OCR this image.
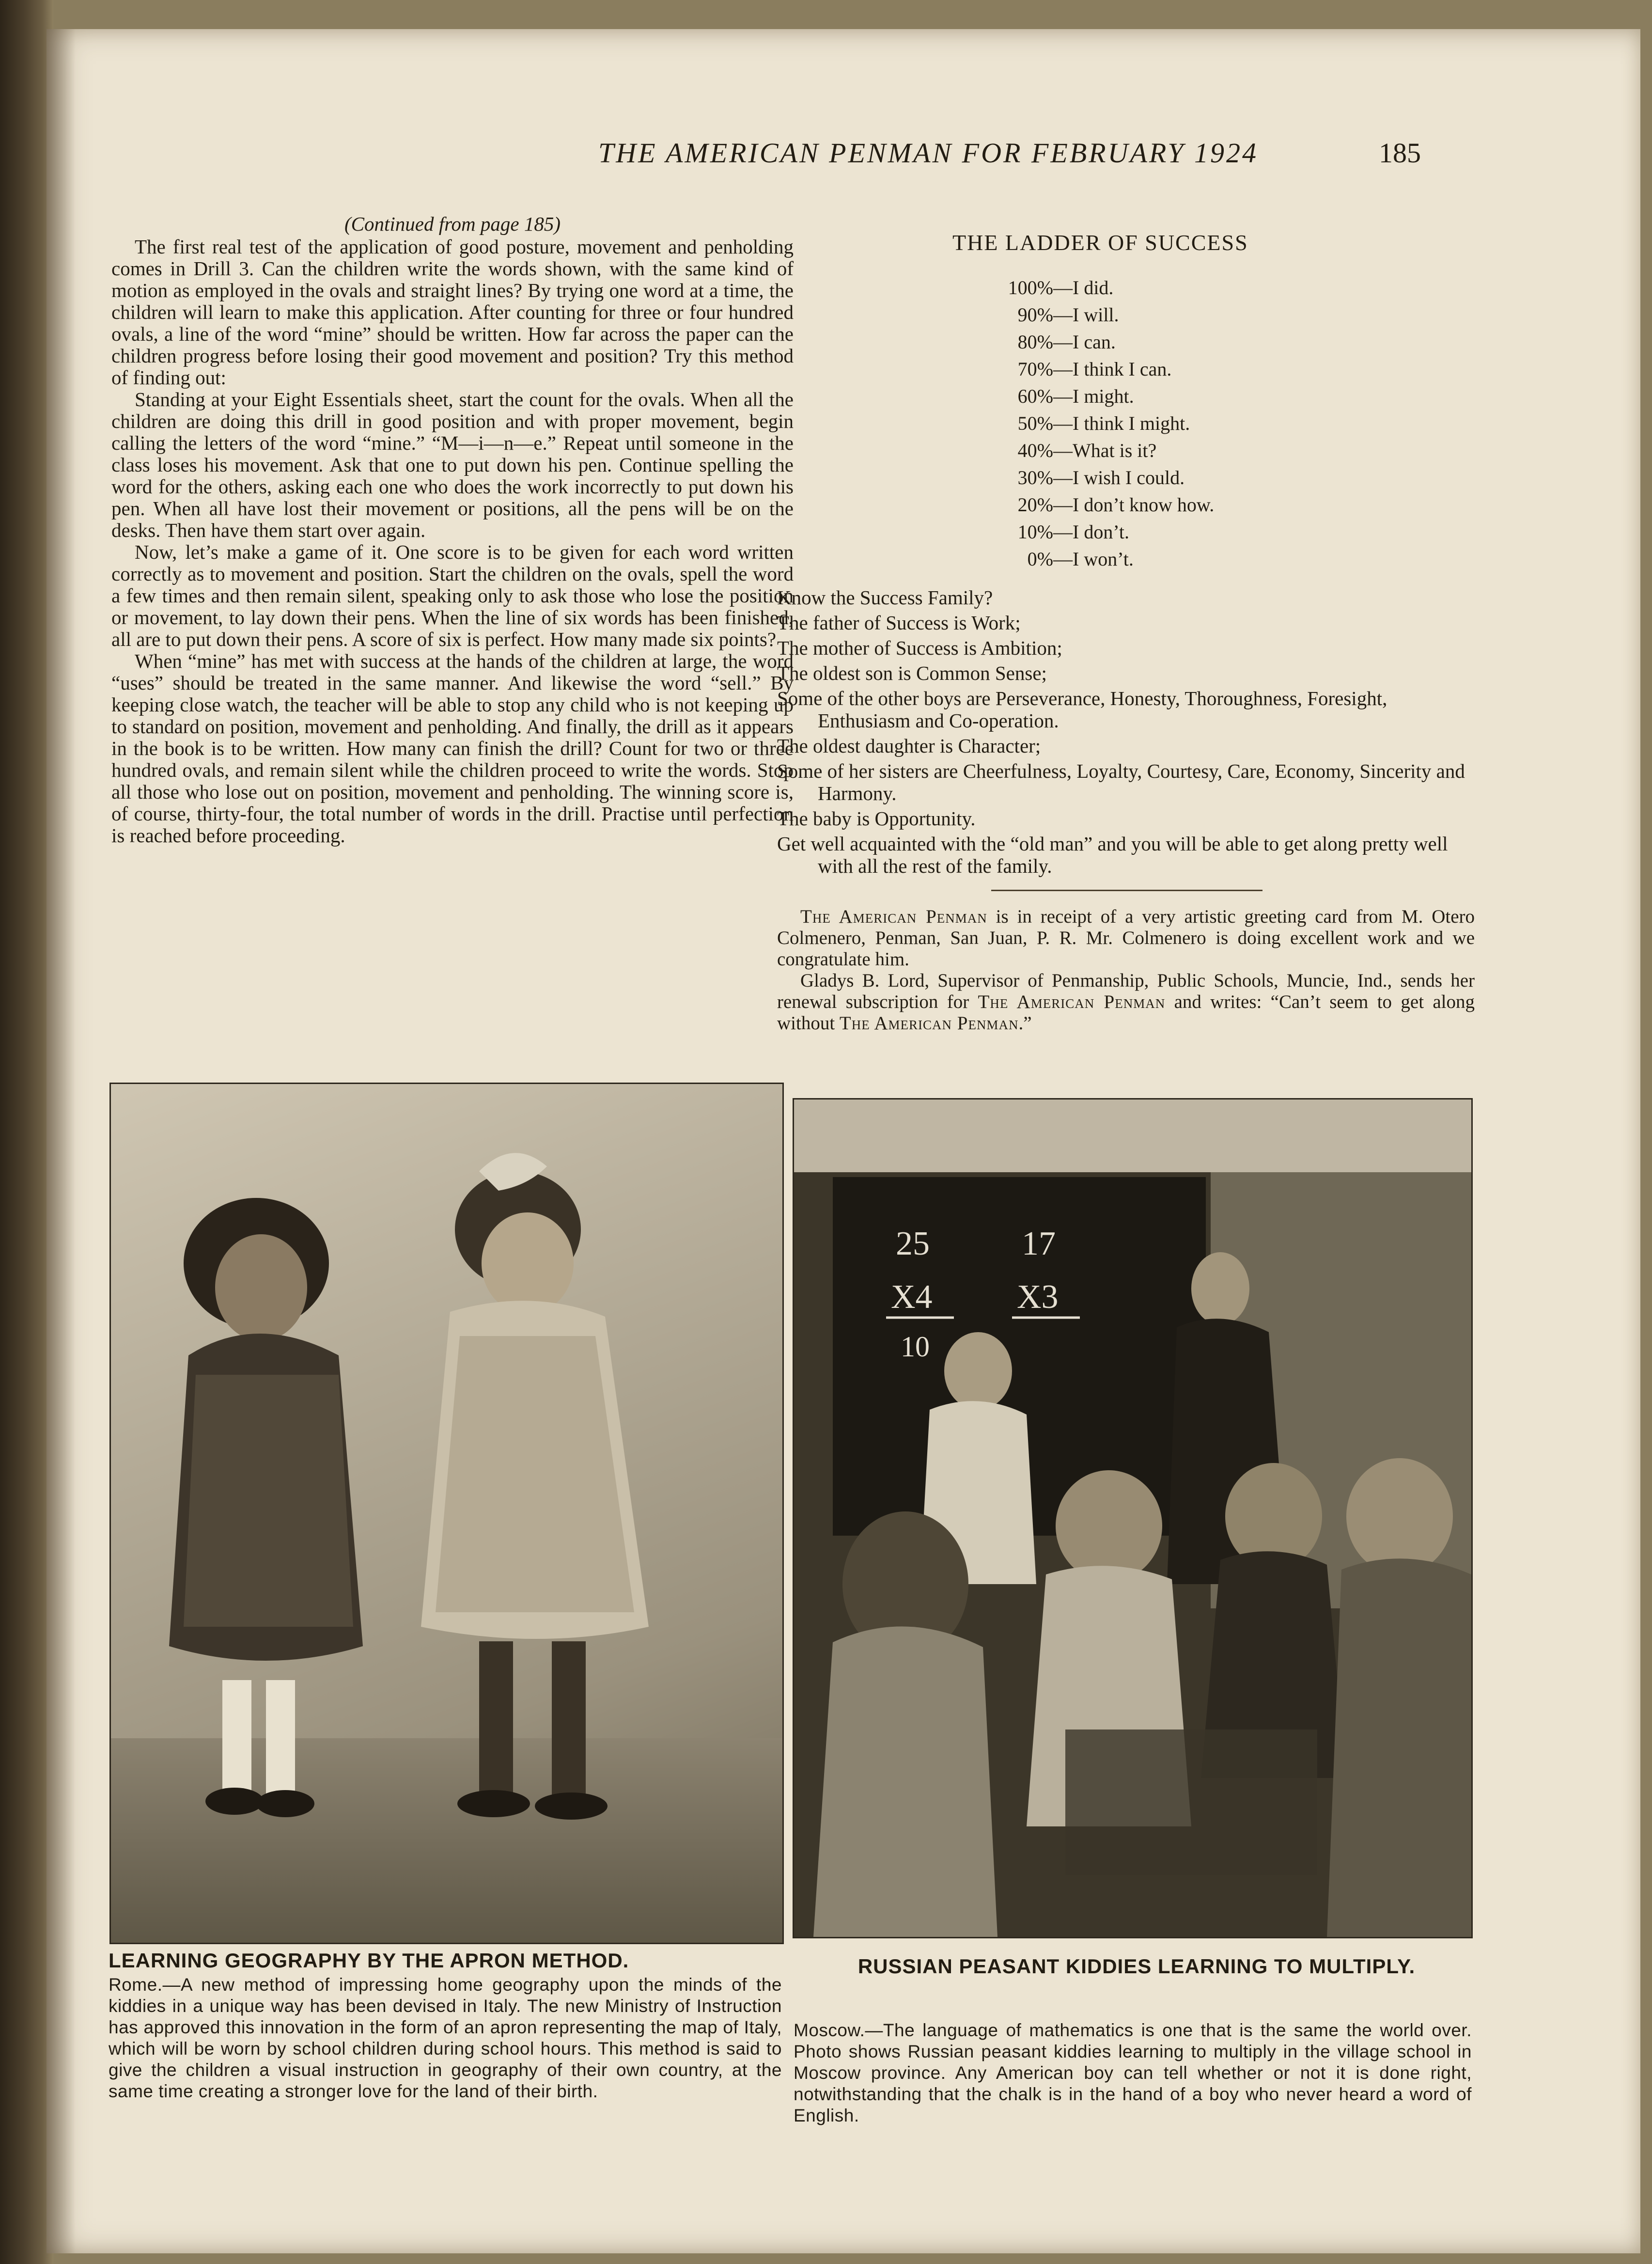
THE AMERICAN PENMAN FOR FEBRUARY 1924	185

(Continued from page 185)

The first real test of the application of good posture, movement and penholding comes in Drill 3. Can the children write the words shown, with the same kind of motion as employed in the ovals and straight lines? By trying one word at a time, the children will learn to make this application. After counting for three or four hundred ovals, a line of the word “mine” should be written. How far across the paper can the children progress before losing their good movement and position? Try this method of finding out:

Standing at your Eight Essentials sheet, start the count for the ovals. When all the children are doing this drill in good position and with proper movement, begin calling the letters of the word “mine.” “M—i—n—e.” Repeat until someone in the class loses his movement. Ask that one to put down his pen. Continue spelling the word for the others, asking each one who does the work incorrectly to put down his pen. When all have lost their movement or positions, all the pens will be on the desks. Then have them start over again.

Now, let’s make a game of it. One score is to be given for each word written correctly as to movement and position. Start the children on the ovals, spell the word a few times and then remain silent, speaking only to ask those who lose the position or movement, to lay down their pens. When the line of six words has been finished, all are to put down their pens. A score of six is perfect. How many made six points?

When “mine” has met with success at the hands of the children at large, the word “uses” should be treated in the same manner. And likewise the word “sell.” By keeping close watch, the teacher will be able to stop any child who is not keeping up to standard on position, movement and penholding. And finally, the drill as it appears in the book is to be written. How many can finish the drill? Count for two or three hundred ovals, and remain silent while the children proceed to write the words. Stop all those who lose out on position, movement and penholding. The winning score is, of course, thirty-four, the total number of words in the drill. Practise until perfection is reached before proceeding.

THE LADDER OF SUCCESS
100% —I did.
90% —I will.
80% —I can.
70% —I think I can.
60% —I might.
50% —I think I might.
40% —What is it?
30% —I wish I could.
20% —I don’t know how.
10% —I don’t.
0% —I won’t.

Know the Success Family?

The father of Success is Work;

The mother of Success is Ambition;

The oldest son is Common Sense;

Some of the other boys are Perseverance, Honesty, Thoroughness, Foresight, Enthusiasm and Co-operation.

The oldest daughter is Character;

Some of her sisters are Cheerfulness, Loyalty, Courtesy, Care, Economy, Sincerity and Harmony.

The baby is Opportunity.

Get well acquainted with the “old man” and you will be able to get along pretty well with all the rest of the family.

The American Penman is in receipt of a very artistic greeting card from M. Otero Colmenero, Penman, San Juan, P. R. Mr. Colmenero is doing excellent work and we congratulate him.

Gladys B. Lord, Supervisor of Penmanship, Public Schools, Muncie, Ind., sends her renewal subscription for The American Penman and writes: “Can’t seem to get along without The American Penman.”

25	17
X4 X3
10
LEARNING GEOGRAPHY BY THE APRON METHOD.
Rome.—A new method of impressing home geography upon the minds of the kiddies in a unique way has been devised in Italy. The new Ministry of Instruction has approved this innovation in the form of an apron representing the map of Italy, which will be worn by school children during school hours. This method is said to give the children a visual instruction in geography of their own country, at the same time creating a stronger love for the land of their birth.
RUSSIAN PEASANT KIDDIES LEARNING TO MULTIPLY.
Moscow.—The language of mathematics is one that is the same the world over. Photo shows Russian peasant kiddies learning to multiply in the village school in Moscow province. Any American boy can tell whether or not it is done right, notwithstanding that the chalk is in the hand of a boy who never heard a word of English.
